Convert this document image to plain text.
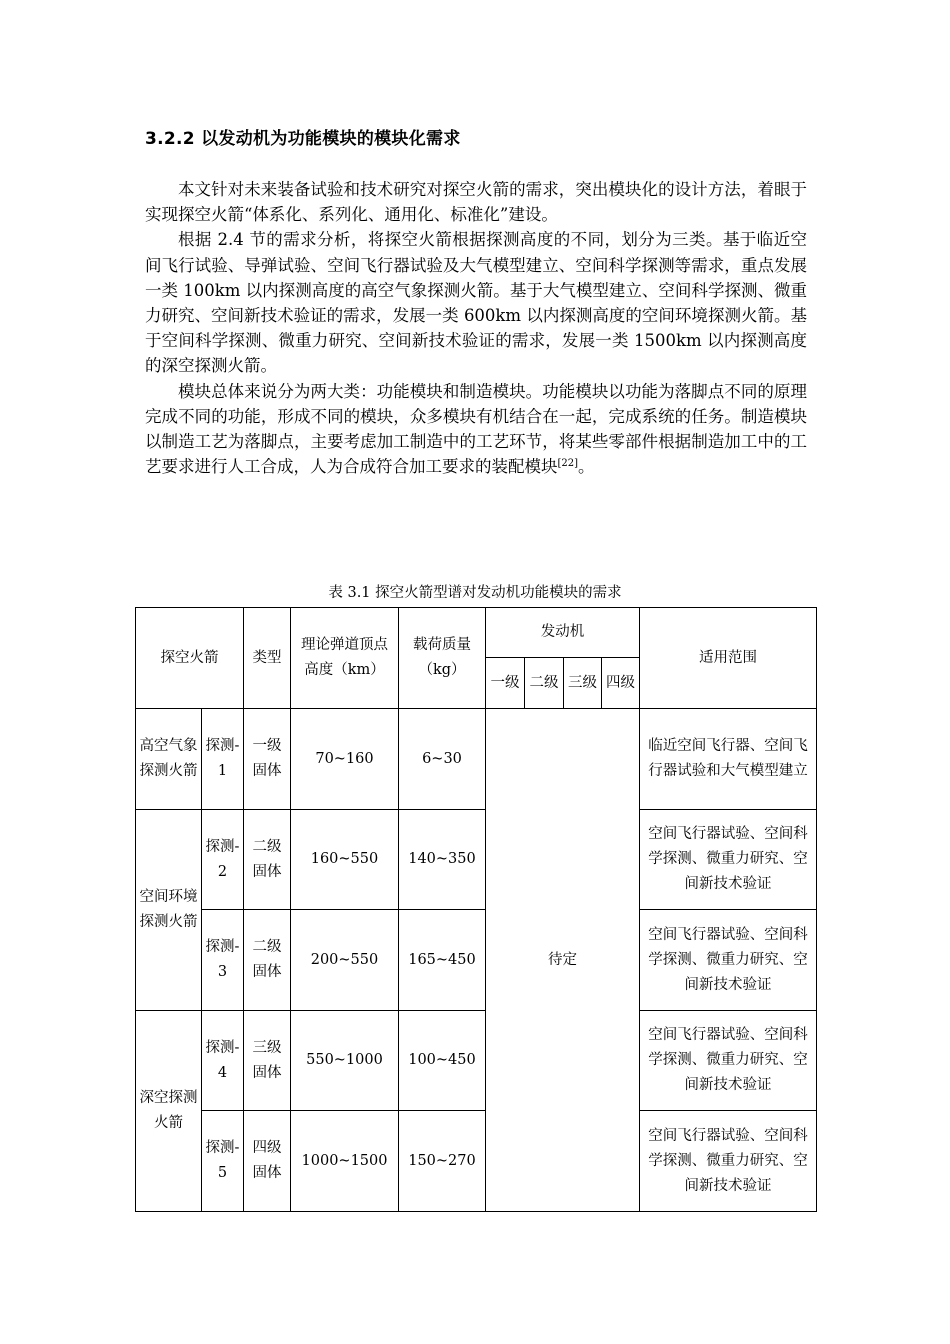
3.2.2 以发动机为功能模块的模块化需求

本文针对未来装备试验和技术研究对探空火箭的需求，突出模块化的设计方法，着眼于实现探空火箭“体系化、系列化、通用化、标准化”建设。

根据 2.4 节的需求分析，将探空火箭根据探测高度的不同，划分为三类。基于临近空间飞行试验、导弹试验、空间飞行器试验及大气模型建立、空间科学探测等需求，重点发展一类 100km 以内探测高度的高空气象探测火箭。基于大气模型建立、空间科学探测、微重力研究、空间新技术验证的需求，发展一类 600km 以内探测高度的空间环境探测火箭。基于空间科学探测、微重力研究、空间新技术验证的需求，发展一类 1500km 以内探测高度的深空探测火箭。

模块总体来说分为两大类：功能模块和制造模块。功能模块以功能为落脚点不同的原理完成不同的功能，形成不同的模块，众多模块有机结合在一起，完成系统的任务。制造模块以制造工艺为落脚点，主要考虑加工制造中的工艺环节，将某些零部件根据制造加工中的工艺要求进行人工合成，人为合成符合加工要求的装配模块[22]。

表 3.1 探空火箭型谱对发动机功能模块的需求
探空火箭		类型	理论弹道顶点高度（km）	载荷质量（kg）	发动机				适用范围
					一级	二级	三级	四级	
高空气象探测火箭	探测-1	一级固体	70~160	6~30	待定				临近空间飞行器、空间飞行器试验和大气模型建立
空间环境探测火箭	探测-2	二级固体	160~550	140~350					空间飞行器试验、空间科学探测、微重力研究、空间新技术验证
	探测-3	二级固体	200~550	165~450					空间飞行器试验、空间科学探测、微重力研究、空间新技术验证
深空探测火箭	探测-4	三级固体	550~1000	100~450					空间飞行器试验、空间科学探测、微重力研究、空间新技术验证
	探测-5	四级固体	1000~1500	150~270					空间飞行器试验、空间科学探测、微重力研究、空间新技术验证
